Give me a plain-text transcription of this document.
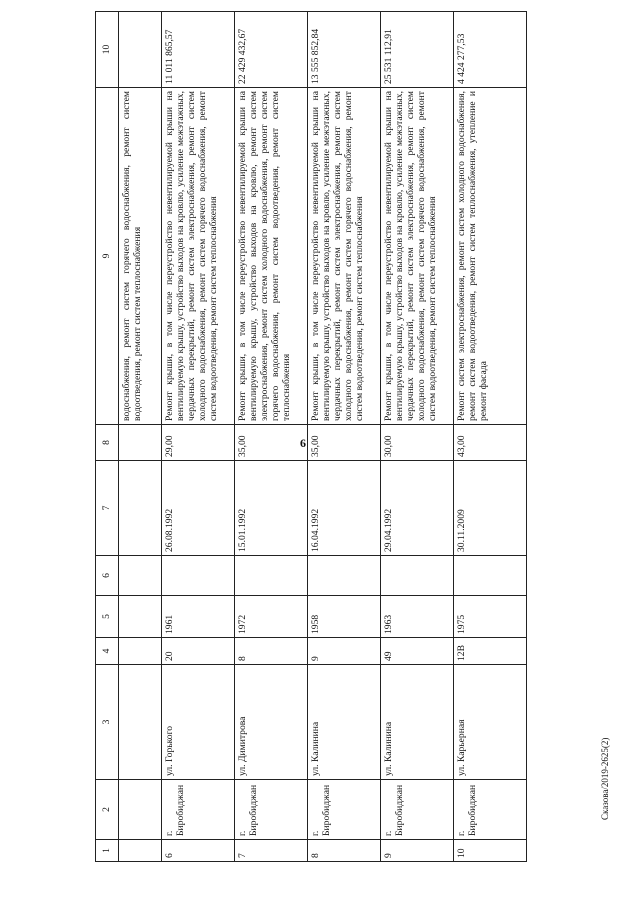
6
Сказова/2019-2625(2)
1	2	3	4	5	6	7	8	9	10
								водоснабжения, ремонт систем горячего водоснабжения, ремонт систем водоотведения, ремонт систем теплоснабжения	
6	г. Биробиджан	ул. Горького	20	1961		26.08.1992	29,00	Ремонт крыши, в том числе переустройство невентилируемой крыши на вентилируемую крышу, устройство выходов на кровлю, усиление межэтажных, чердачных перекрытий, ремонт систем электроснабжения, ремонт систем холодного водоснабжения, ремонт систем горячего водоснабжения, ремонт систем водоотведения, ремонт систем теплоснабжения	11 011 865,57
7	г. Биробиджан	ул. Димитрова	8	1972		15.01.1992	35,00	Ремонт крыши, в том числе переустройство невентилируемой крыши на вентилируемую крышу, устройство выходов на кровлю, ремонт систем электроснабжения, ремонт систем холодного водоснабжения, ремонт систем горячего водоснабжения, ремонт систем водоотведения, ремонт систем теплоснабжения	22 429 432,67
8	г. Биробиджан	ул. Калинина	9	1958		16.04.1992	35,00	Ремонт крыши, в том числе переустройство невентилируемой крыши на вентилируемую крышу, устройство выходов на кровлю, усиление межэтажных, чердачных перекрытий, ремонт систем электроснабжения, ремонт систем холодного водоснабжения, ремонт систем горячего водоснабжения, ремонт систем водоотведения, ремонт систем теплоснабжения	13 555 852,84
9	г. Биробиджан	ул. Калинина	49	1963		29.04.1992	30,00	Ремонт крыши, в том числе переустройство невентилируемой крыши на вентилируемую крышу, устройство выходов на кровлю, усиление межэтажных, чердачных перекрытий, ремонт систем электроснабжения, ремонт систем холодного водоснабжения, ремонт систем горячего водоснабжения, ремонт систем водоотведения, ремонт систем теплоснабжения	25 531 112,91
10	г. Биробиджан	ул. Карьерная	12В	1975		30.11.2009	43,00	Ремонт систем электроснабжения, ремонт систем холодного водоснабжения, ремонт систем водоотведения, ремонт систем теплоснабжения, утепление и ремонт фасада	4 424 277,53
